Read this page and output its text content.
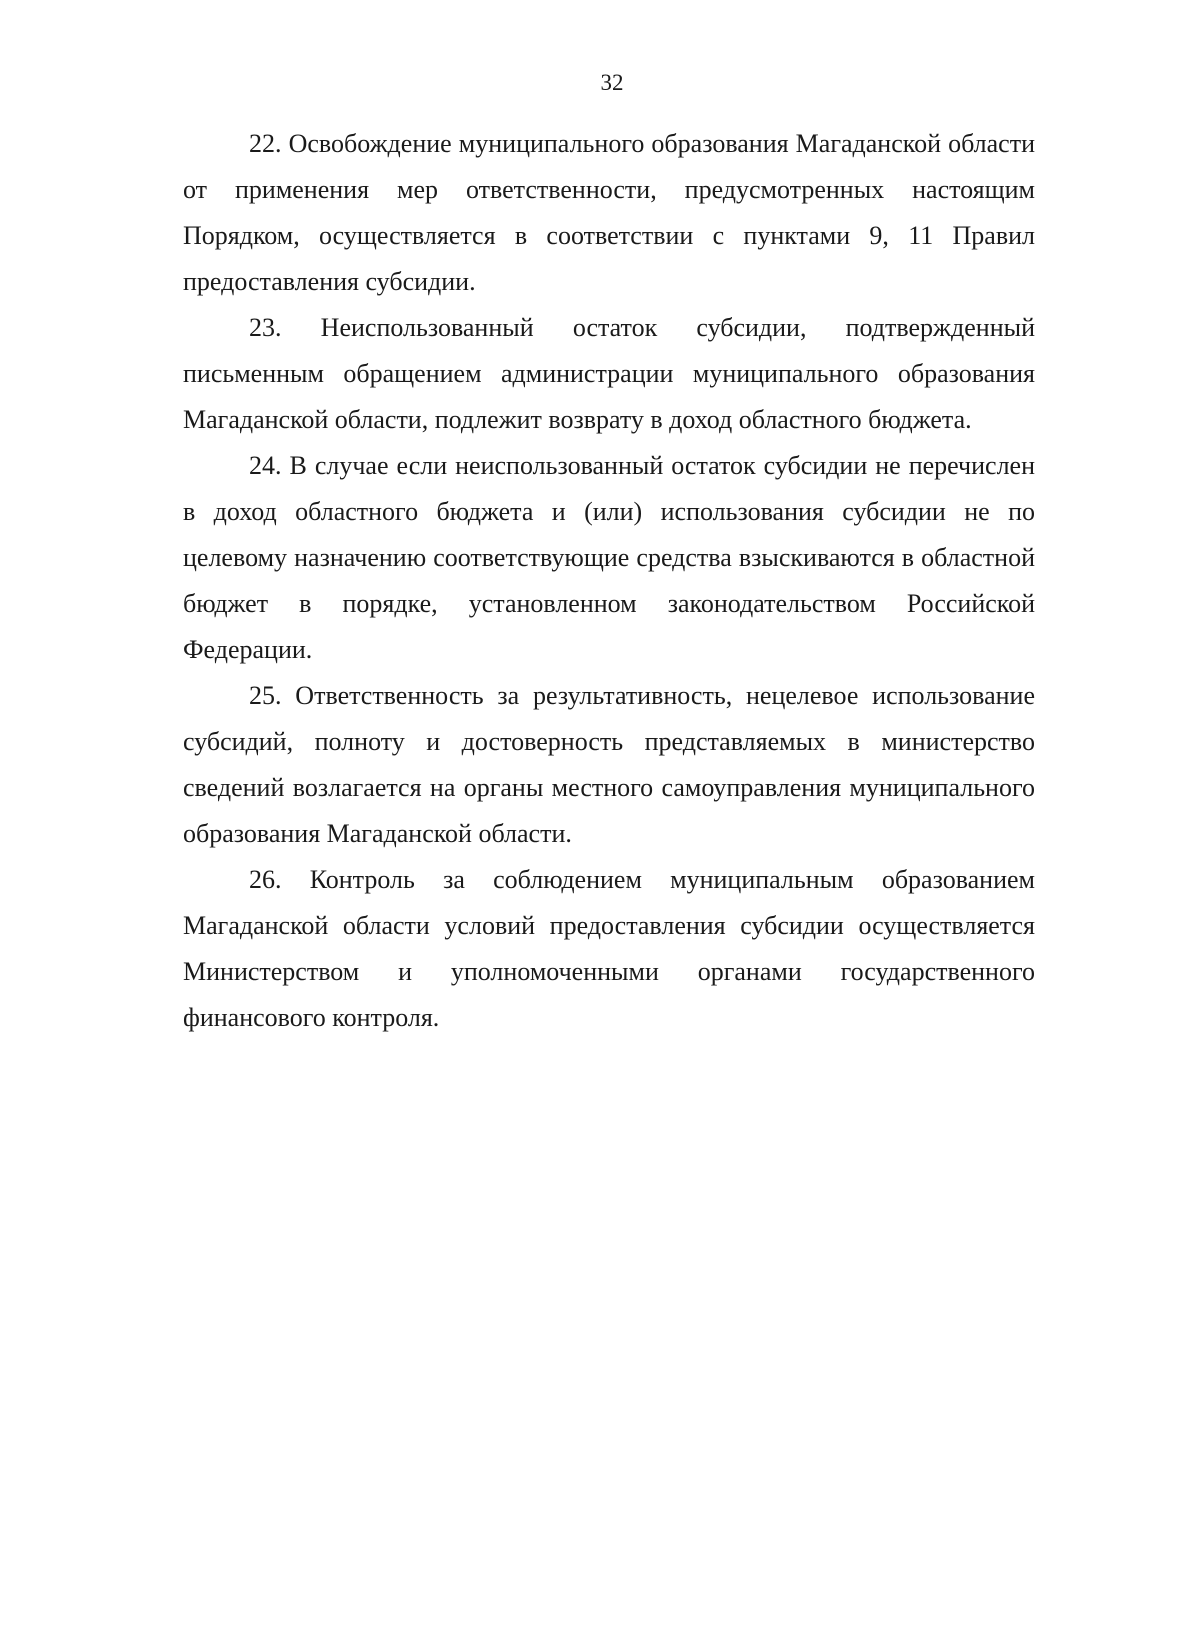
32

22. Освобождение муниципального образования Магаданской области от применения мер ответственности, предусмотренных настоящим Порядком, осуществляется в соответствии с пунктами 9, 11 Правил предоставления субсидии.

23. Неиспользованный остаток субсидии, подтвержденный письменным обращением администрации муниципального образования Магаданской области, подлежит возврату в доход областного бюджета.

24. В случае если неиспользованный остаток субсидии не перечислен в доход областного бюджета и (или) использования субсидии не по целевому назначению соответствующие средства взыскиваются в областной бюджет в порядке, установленном законодательством Российской Федерации.

25. Ответственность за результативность, нецелевое использование субсидий, полноту и достоверность представляемых в министерство сведений возлагается на органы местного самоуправления муниципального образования Магаданской области.

26. Контроль за соблюдением муниципальным образованием Магаданской области условий предоставления субсидии осуществляется Министерством и уполномоченными органами государственного финансового контроля.
